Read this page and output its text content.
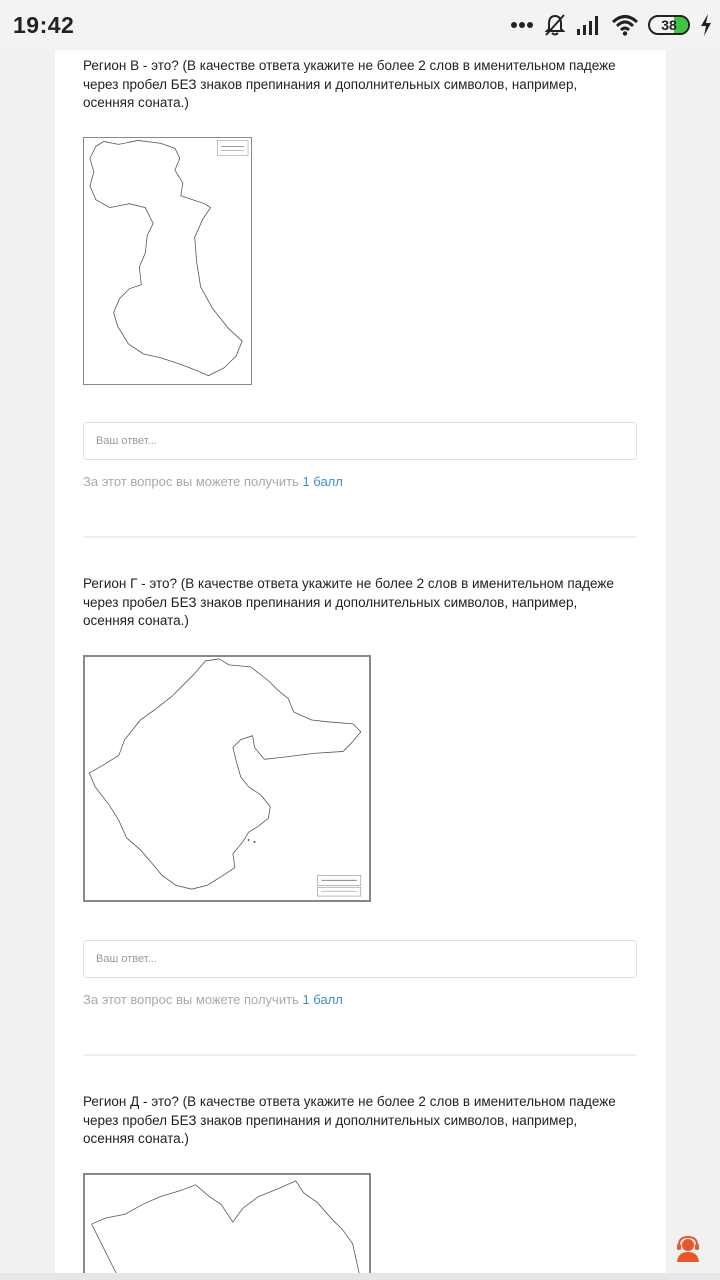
19:42	38
Регион В - это? (В качестве ответа укажите не более 2 слов в именительном падеже через пробел БЕЗ знаков препинания и дополнительных символов, например, осенняя соната.)
Ваш ответ...
За этот вопрос вы можете получить 1 балл
Регион Г - это? (В качестве ответа укажите не более 2 слов в именительном падеже через пробел БЕЗ знаков препинания и дополнительных символов, например, осенняя соната.)
Ваш ответ...
За этот вопрос вы можете получить 1 балл
Регион Д - это? (В качестве ответа укажите не более 2 слов в именительном падеже через пробел БЕЗ знаков препинания и дополнительных символов, например, осенняя соната.)
